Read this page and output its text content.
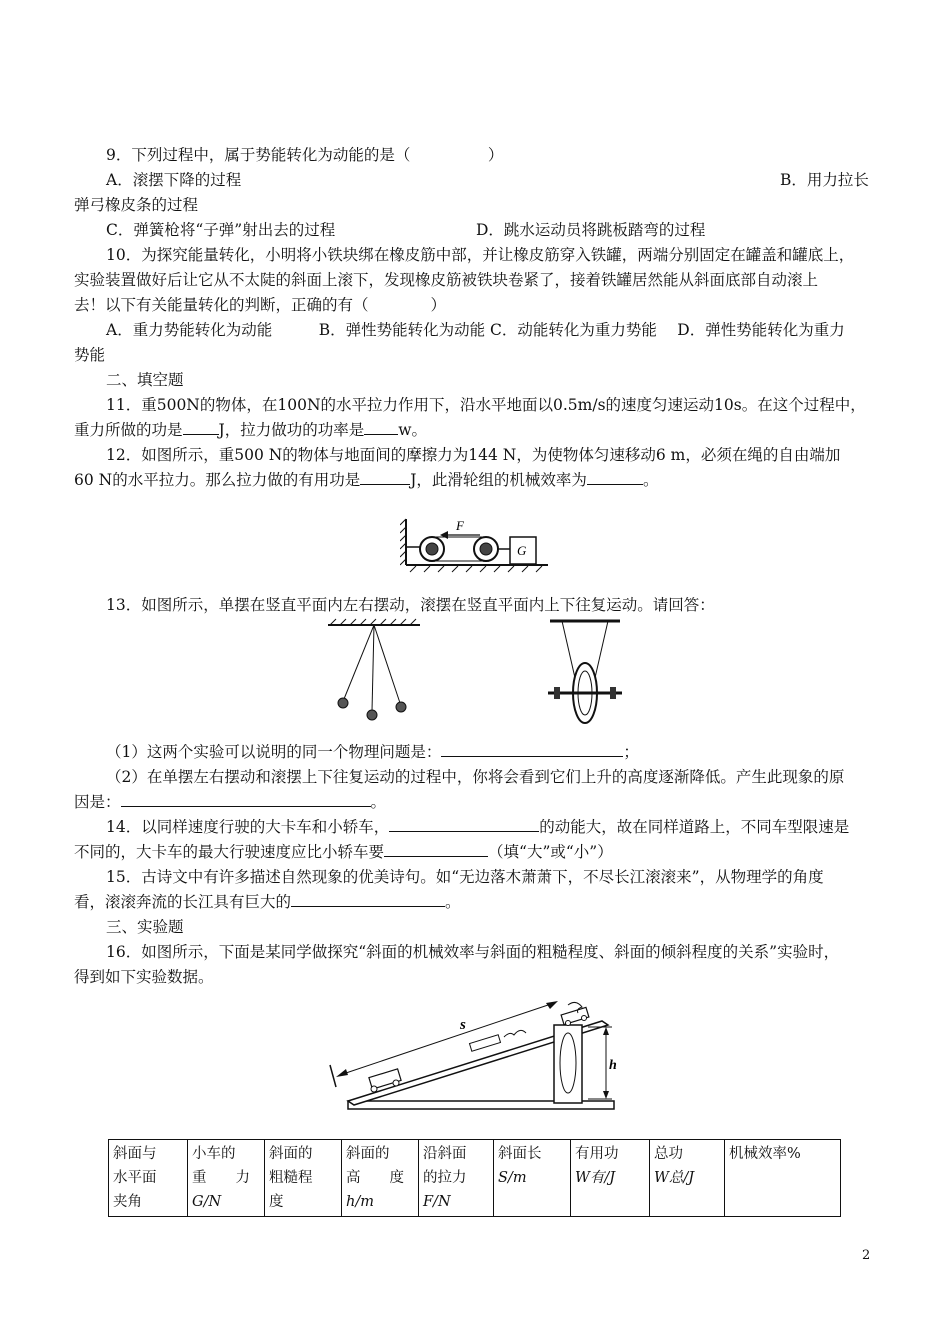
9．下列过程中，属于势能转化为动能的是（　　　　　）
A．滚摆下降的过程	B．用力拉长
弹弓橡皮条的过程
C．弹簧枪将“子弹”射出去的过程	D．跳水运动员将跳板踏弯的过程
10．为探究能量转化，小明将小铁块绑在橡皮筋中部，并让橡皮筋穿入铁罐，两端分别固定在罐盖和罐底上，
实验装置做好后让它从不太陡的斜面上滚下，发现橡皮筋被铁块卷紧了，接着铁罐居然能从斜面底部自动滚上
去！以下有关能量转化的判断，正确的有（　　　　）
A．重力势能转化为动能　　　B．弹性势能转化为动能 C．动能转化为重力势能　 D．弹性势能转化为重力
势能
二、填空题
11．重500N的物体，在100N的水平拉力作用下，沿水平地面以0.5m/s的速度匀速运动10s。在这个过程中，
重力所做的功是 J，拉力做功的功率是 w。
12．如图所示，重500 N的物体与地面间的摩擦力为144 N，为使物体匀速移动6 m，必须在绳的自由端加
60 N的水平拉力。那么拉力做的有用功是	J，此滑轮组的机械效率为	。
F
G
13．如图所示，单摆在竖直平面内左右摆动，滚摆在竖直平面内上下往复运动。请回答：
（1）这两个实验可以说明的同一个物理问题是：	；
（2）在单摆左右摆动和滚摆上下往复运动的过程中，你将会看到它们上升的高度逐渐降低。产生此现象的原
因是：	。
14．以同样速度行驶的大卡车和小轿车，	的动能大，故在同样道路上，不同车型限速是
不同的，大卡车的最大行驶速度应比小轿车要	（填“大”或“小”）
15．古诗文中有许多描述自然现象的优美诗句。如“无边落木萧萧下，不尽长江滚滚来”，从物理学的角度
看，滚滚奔流的长江具有巨大的	。
三、实验题
16．如图所示，下面是某同学做探究“斜面的机械效率与斜面的粗糙程度、斜面的倾斜程度的关系”实验时，
得到如下实验数据。
h
s
斜面与
水平面
夹角

小车的
重　　力
G/N

斜面的
粗糙程
度

斜面的
高　　度
h/m

沿斜面
的拉力
F/N

斜面长
S/m

有用功
W有/J

总功
W总/J

机械效率%
2
